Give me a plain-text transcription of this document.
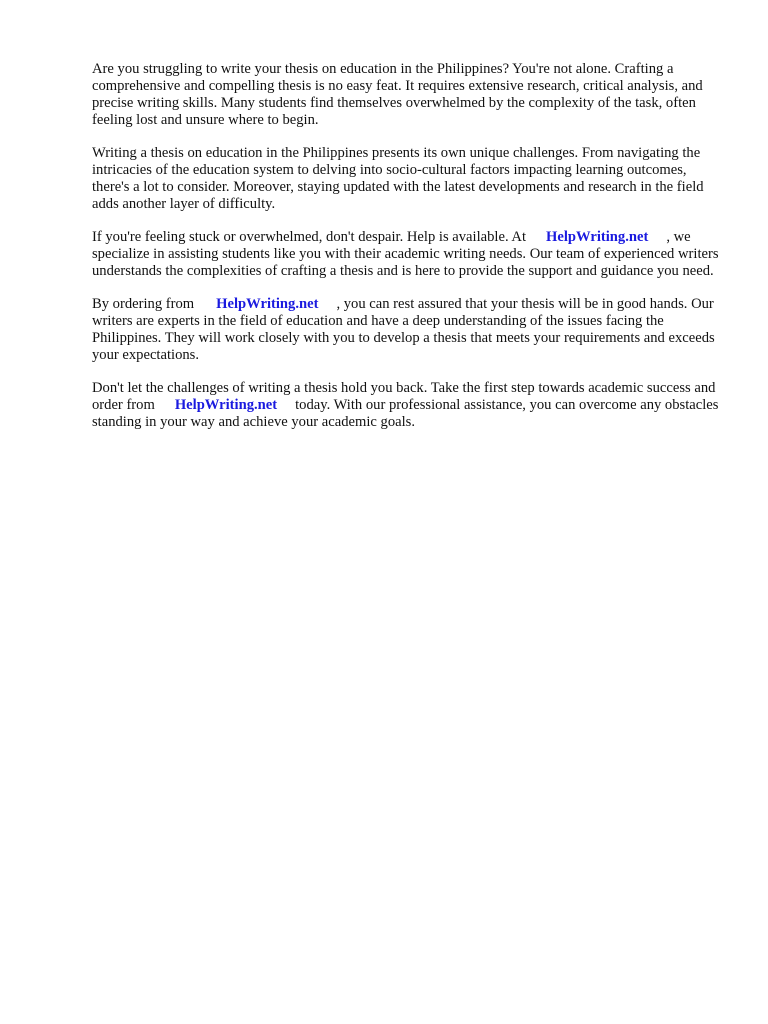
Are you struggling to write your thesis on education in the Philippines? You're not alone. Crafting a comprehensive and compelling thesis is no easy feat. It requires extensive research, critical analysis, and precise writing skills. Many students find themselves overwhelmed by the complexity of the task, often feeling lost and unsure where to begin.

Writing a thesis on education in the Philippines presents its own unique challenges. From navigating the intricacies of the education system to delving into socio-cultural factors impacting learning outcomes, there's a lot to consider. Moreover, staying updated with the latest developments and research in the field adds another layer of difficulty.

If you're feeling stuck or overwhelmed, don't despair. Help is available. At HelpWriting.net , we specialize in assisting students like you with their academic writing needs. Our team of experienced writers understands the complexities of crafting a thesis and is here to provide the support and guidance you need.

By ordering from HelpWriting.net , you can rest assured that your thesis will be in good hands. Our writers are experts in the field of education and have a deep understanding of the issues facing the Philippines. They will work closely with you to develop a thesis that meets your requirements and exceeds your expectations.

Don't let the challenges of writing a thesis hold you back. Take the first step towards academic success and order from HelpWriting.net today. With our professional assistance, you can overcome any obstacles standing in your way and achieve your academic goals.
